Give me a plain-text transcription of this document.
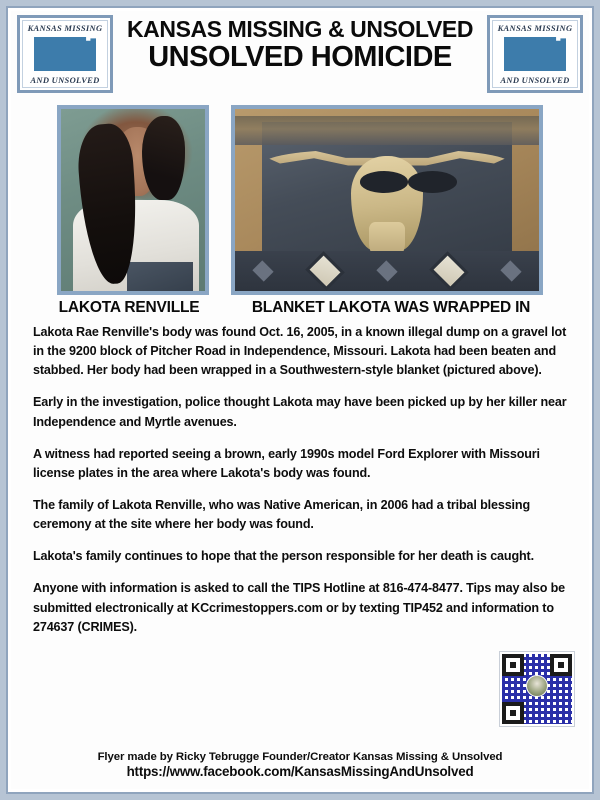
KANSAS MISSING
AND UNSOLVED
KANSAS MISSING & UNSOLVED
UNSOLVED HOMICIDE
KANSAS MISSING
AND UNSOLVED
LAKOTA RENVILLE	BLANKET LAKOTA WAS WRAPPED IN

Lakota Rae Renville's body was found Oct. 16, 2005, in a known illegal dump on a gravel lot in the 9200 block of Pitcher Road in Independence, Missouri. Lakota had been beaten and stabbed. Her body had been wrapped in a Southwestern-style blanket (pictured above).

Early in the investigation, police thought Lakota may have been picked up by her killer near Independence and Myrtle avenues.

A witness had reported seeing a brown, early 1990s model Ford Explorer with Missouri license plates in the area where Lakota's body was found.

The family of Lakota Renville, who was Native American, in 2006 had a tribal blessing ceremony at the site where her body was found.

Lakota's family continues to hope that the person responsible for her death is caught.

Anyone with information is asked to call the TIPS Hotline at 816-474-8477. Tips may also be submitted electronically at KCcrimestoppers.com or by texting TIP452 and information to 274637 (CRIMES).

Flyer made by Ricky Tebrugge Founder/Creator Kansas Missing & Unsolved
https://www.facebook.com/KansasMissingAndUnsolved
